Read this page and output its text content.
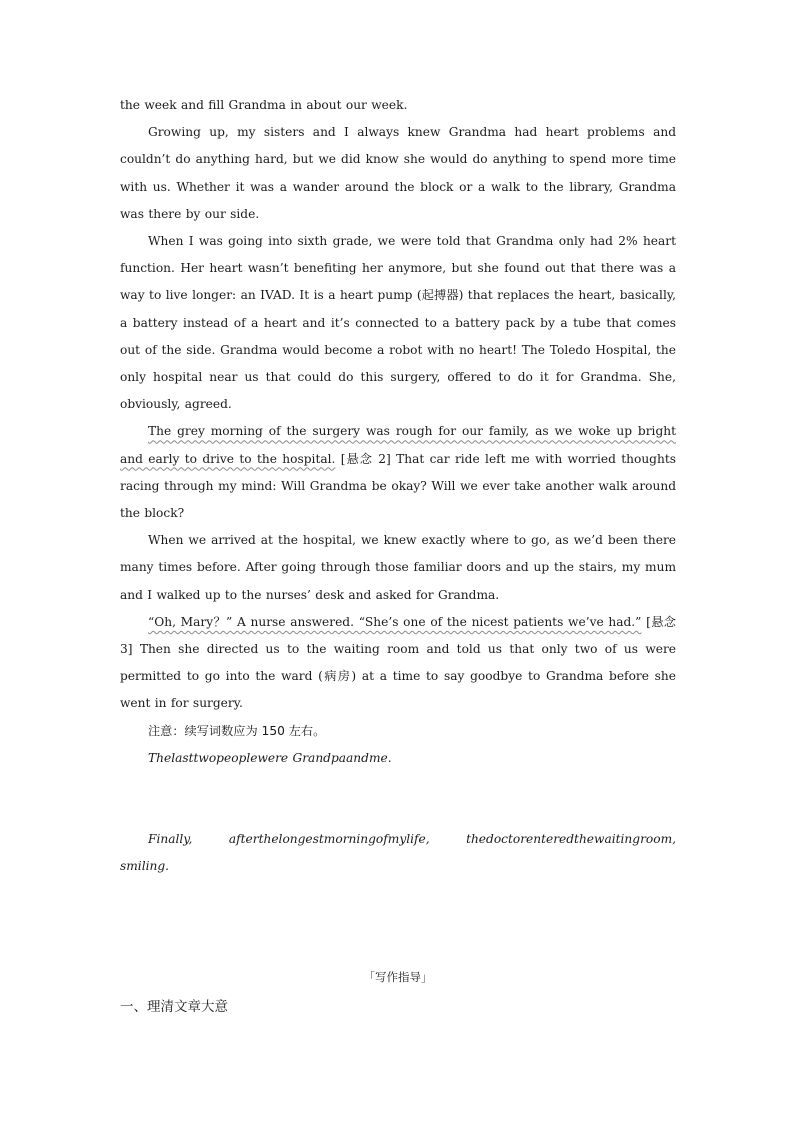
the week and fill Grandma in about our week.

Growing up, my sisters and I always knew Grandma had heart problems and couldn’t do anything hard, but we did know she would do anything to spend more time with us. Whether it was a wander around the block or a walk to the library, Grandma was there by our side.

When I was going into sixth grade, we were told that Grandma only had 2% heart function. Her heart wasn’t benefiting her anymore, but she found out that there was a way to live longer: an IVAD. It is a heart pump (起搏器) that replaces the heart, basically, a battery instead of a heart and it’s connected to a battery pack by a tube that comes out of the side. Grandma would become a robot with no heart! The Toledo Hospital, the only hospital near us that could do this surgery, offered to do it for Grandma. She, obviously, agreed.

The grey morning of the surgery was rough for our family, as we woke up bright and early to drive to the hospital. [悬念 2] That car ride left me with worried thoughts racing through my mind: Will Grandma be okay? Will we ever take another walk around the block?

When we arrived at the hospital, we knew exactly where to go, as we’d been there many times before. After going through those familiar doors and up the stairs, my mum and I walked up to the nurses’ desk and asked for Grandma.

“Oh, Mary？” A nurse answered. “She’s one of the nicest patients we’ve had.” [悬念 3] Then she directed us to the waiting room and told us that only two of us were permitted to go into the ward (病房) at a time to say goodbye to Grandma before she went in for surgery.

注意：续写词数应为 150 左右。

Thelasttwopeoplewere Grandpaandme.

Finally, afterthelongestmorningofmylife, thedoctorenteredthewaitingroom, smiling.

「写作指导」

一、理清文章大意
